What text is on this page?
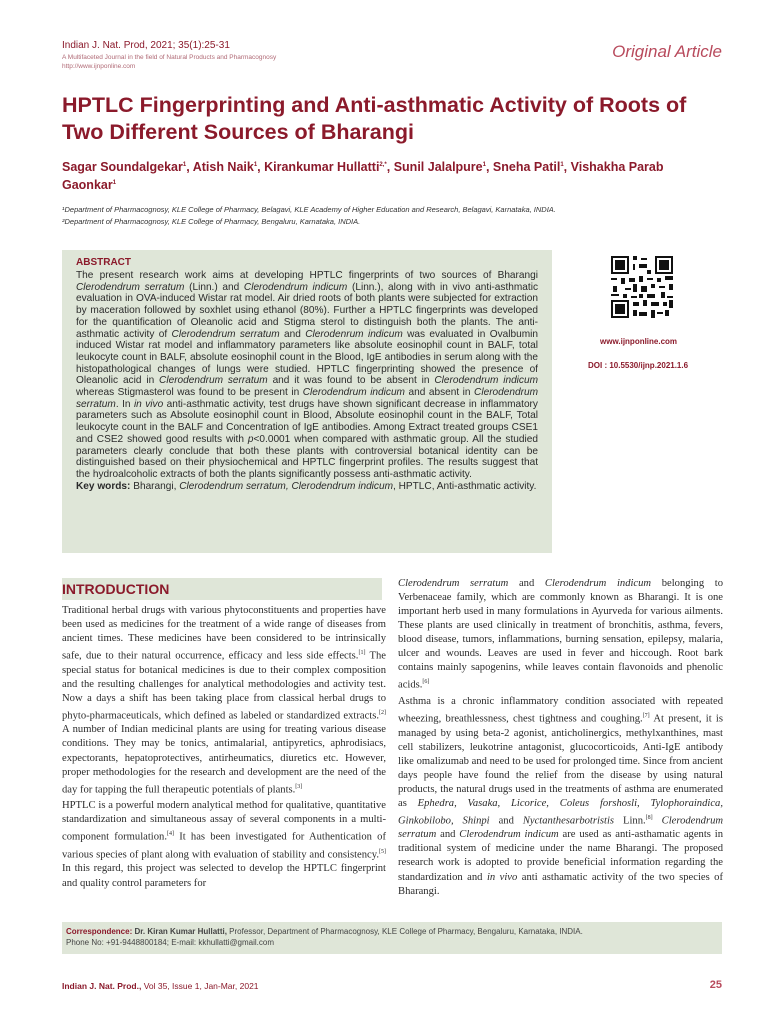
Indian J. Nat. Prod, 2021; 35(1):25-31
A Multifaceted Journal in the field of Natural Products and Pharmacognosy
http://www.ijnponline.com
Original Article
HPTLC Fingerprinting and Anti-asthmatic Activity of Roots of Two Different Sources of Bharangi
Sagar Soundalgekar$^1$, Atish Naik$^1$, Kirankumar Hullatti$^{2,*}$, Sunil Jalalpure$^1$, Sneha Patil$^1$, Vishakha Parab Gaonkar$^1$
¹Department of Pharmacognosy, KLE College of Pharmacy, Belagavi, KLE Academy of Higher Education and Research, Belagavi, Karnataka, INDIA.
²Department of Pharmacognosy, KLE College of Pharmacy, Bengaluru, Karnataka, INDIA.
ABSTRACT
The present research work aims at developing HPTLC fingerprints of two sources of Bharangi Clerodendrum serratum (Linn.) and Clerodendrum indicum (Linn.), along with in vivo anti-asthmatic evaluation in OVA-induced Wistar rat model. Air dried roots of both plants were subjected for extraction by maceration followed by soxhlet using ethanol (80%). Further a HPTLC fingerprints was developed for the quantification of Oleanolic acid and Stigma sterol to distinguish both the plants. The anti-asthmatic activity of Clerodendrum serratum and Clerodenrum indicum was evaluated in Ovalbumin induced Wistar rat model and inflammatory parameters like absolute eosinophil count in BALF, total leukocyte count in BALF, absolute eosinophil count in the Blood, IgE antibodies in serum along with the histopathological changes of lungs were studied. HPTLC fingerprinting showed the presence of Oleanolic acid in Clerodendrum serratum and it was found to be absent in Clerodendrum indicum whereas Stigmasterol was found to be present in Clerodendrum indicum and absent in Clerodendrum serratum. In in vivo anti-asthmatic activity, test drugs have shown significant decrease in inflammatory parameters such as Absolute eosinophil count in Blood, Absolute eosinophil count in the BALF, Total leukocyte count in the BALF and Concentration of IgE antibodies. Among Extract treated groups CSE1 and CSE2 showed good results with p<0.0001 when compared with asthmatic group. All the studied parameters clearly conclude that both these plants with controversial botanical identity can be distinguished based on their physiochemical and HPTLC fingerprint profiles. The results suggest that the hydroalcoholic extracts of both the plants significantly possess anti-asthmatic activity.
Key words: Bharangi, Clerodendrum serratum, Clerodendrum indicum, HPTLC, Anti-asthmatic activity.
www.ijnponline.com
DOI : 10.5530/ijnp.2021.1.6
INTRODUCTION

Traditional herbal drugs with various phytoconstituents and properties have been used as medicines for the treatment of a wide range of diseases from ancient times. These medicines have been considered to be intrinsically safe, due to their natural occurrence, efficacy and less side effects.[1] The special status for botanical medicines is due to their complex composition and the resulting challenges for analytical methodologies and activity test. Now a days a shift has been taking place from classical herbal drugs to phyto-pharmaceuticals, which defined as labeled or standardized extracts.[2] A number of Indian medicinal plants are using for treating various disease conditions. They may be tonics, antimalarial, antipyretics, aphrodisiacs, expectorants, hepatoprotectives, antirheumatics, diuretics etc. However, proper methodologies for the research and development are the need of the day for tapping the full therapeutic potentials of plants.[3]

HPTLC is a powerful modern analytical method for qualitative, quantitative standardization and simultaneous assay of several components in a multi-component formulation.[4] It has been investigated for Authentication of various species of plant along with evaluation of stability and consistency.[5] In this regard, this project was selected to develop the HPTLC fingerprint and quality control parameters for

Clerodendrum serratum and Clerodendrum indicum belonging to Verbenaceae family, which are commonly known as Bharangi. It is one important herb used in many formulations in Ayurveda for various ailments. These plants are used clinically in treatment of bronchitis, asthma, fevers, blood disease, tumors, inflammations, burning sensation, epilepsy, malaria, ulcer and wounds. Leaves are used in fever and hiccough. Root bark contains mainly sapogenins, while leaves contain flavonoids and phenolic acids.[6]

Asthma is a chronic inflammatory condition associated with repeated wheezing, breathlessness, chest tightness and coughing.[7] At present, it is managed by using beta-2 agonist, anticholinergics, methylxanthines, mast cell stabilizers, leukotrine antagonist, glucocorticoids, Anti-IgE antibody like omalizumab and need to be used for prolonged time. Since from ancient days people have found the relief from the disease by using natural products, the natural drugs used in the treatments of asthma are enumerated as Ephedra, Vasaka, Licorice, Coleus forshosli, Tylophoraindica, Ginkobilobo, Shinpi and Nyctanthesarbotristis Linn.[8] Clerodendrum serratum and Clerodendrum indicum are used as anti-asthamatic agents in traditional system of medicine under the name Bharangi. The proposed research work is adopted to provide beneficial information regarding the standardization and in vivo anti asthamatic activity of the two species of Bharangi.

Correspondence: Dr. Kiran Kumar Hullatti, Professor, Department of Pharmacognosy, KLE College of Pharmacy, Bengaluru, Karnataka, INDIA.
Phone No: +91-9448800184; E-mail: kkhullatti@gmail.com
Indian J. Nat. Prod., Vol 35, Issue 1, Jan-Mar, 2021	25
